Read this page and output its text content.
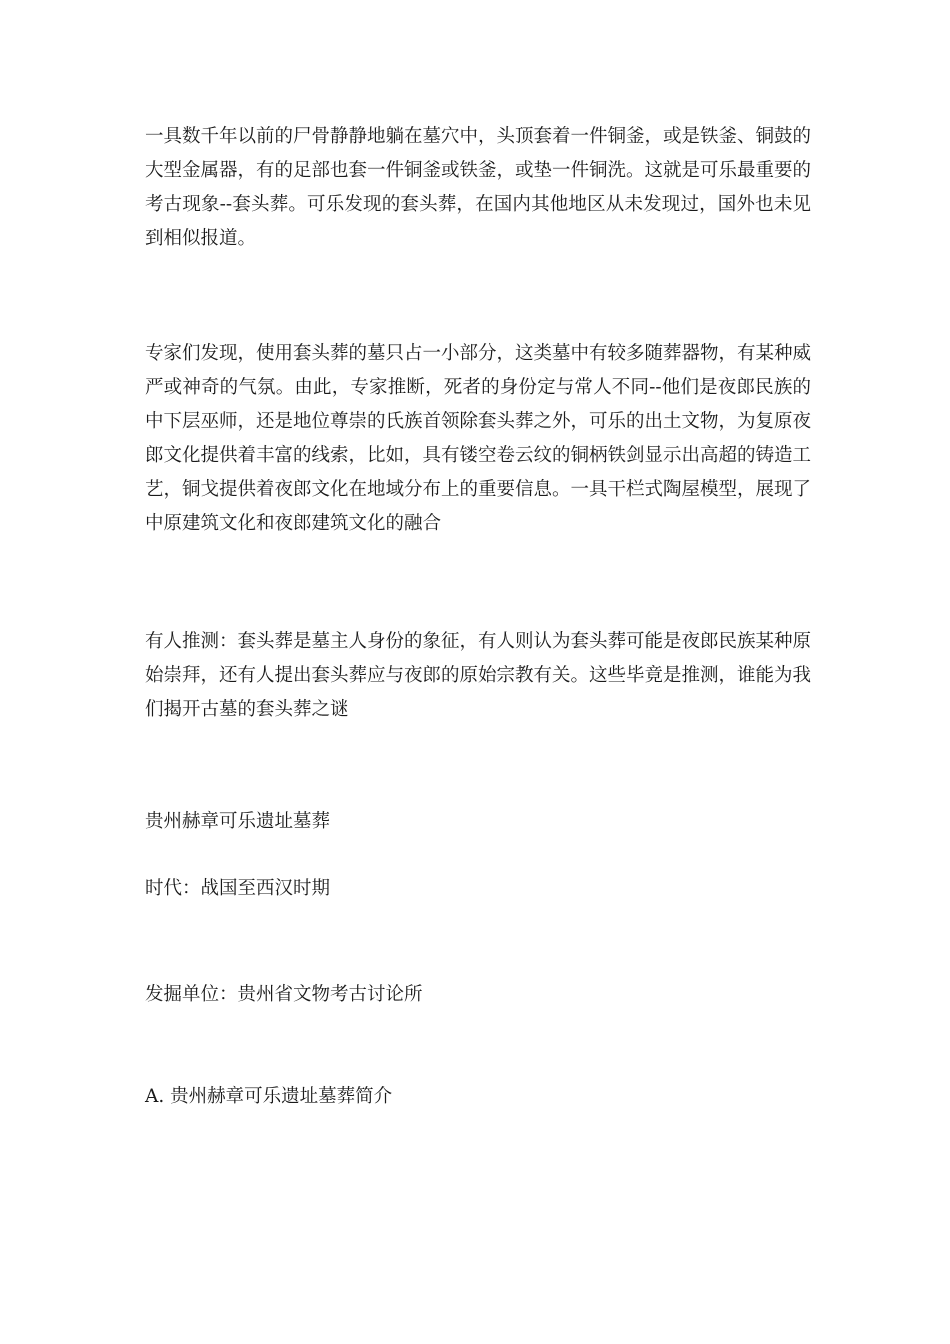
一具数千年以前的尸骨静静地躺在墓穴中，头顶套着一件铜釜，或是铁釜、铜鼓的大型金属器，有的足部也套一件铜釜或铁釜，或垫一件铜洗。这就是可乐最重要的考古现象--套头葬。可乐发现的套头葬，在国内其他地区从未发现过，国外也未见到相似报道。

专家们发现，使用套头葬的墓只占一小部分，这类墓中有较多随葬器物，有某种威严或神奇的气氛。由此，专家推断，死者的身份定与常人不同--他们是夜郎民族的中下层巫师，还是地位尊崇的氏族首领除套头葬之外，可乐的出土文物，为复原夜郎文化提供着丰富的线索，比如，具有镂空卷云纹的铜柄铁剑显示出高超的铸造工艺，铜戈提供着夜郎文化在地域分布上的重要信息。一具干栏式陶屋模型，展现了中原建筑文化和夜郎建筑文化的融合

有人推测：套头葬是墓主人身份的象征，有人则认为套头葬可能是夜郎民族某种原始崇拜，还有人提出套头葬应与夜郎的原始宗教有关。这些毕竟是推测，谁能为我们揭开古墓的套头葬之谜

贵州赫章可乐遗址墓葬

时代：战国至西汉时期

发掘单位：贵州省文物考古讨论所

A. 贵州赫章可乐遗址墓葬简介
